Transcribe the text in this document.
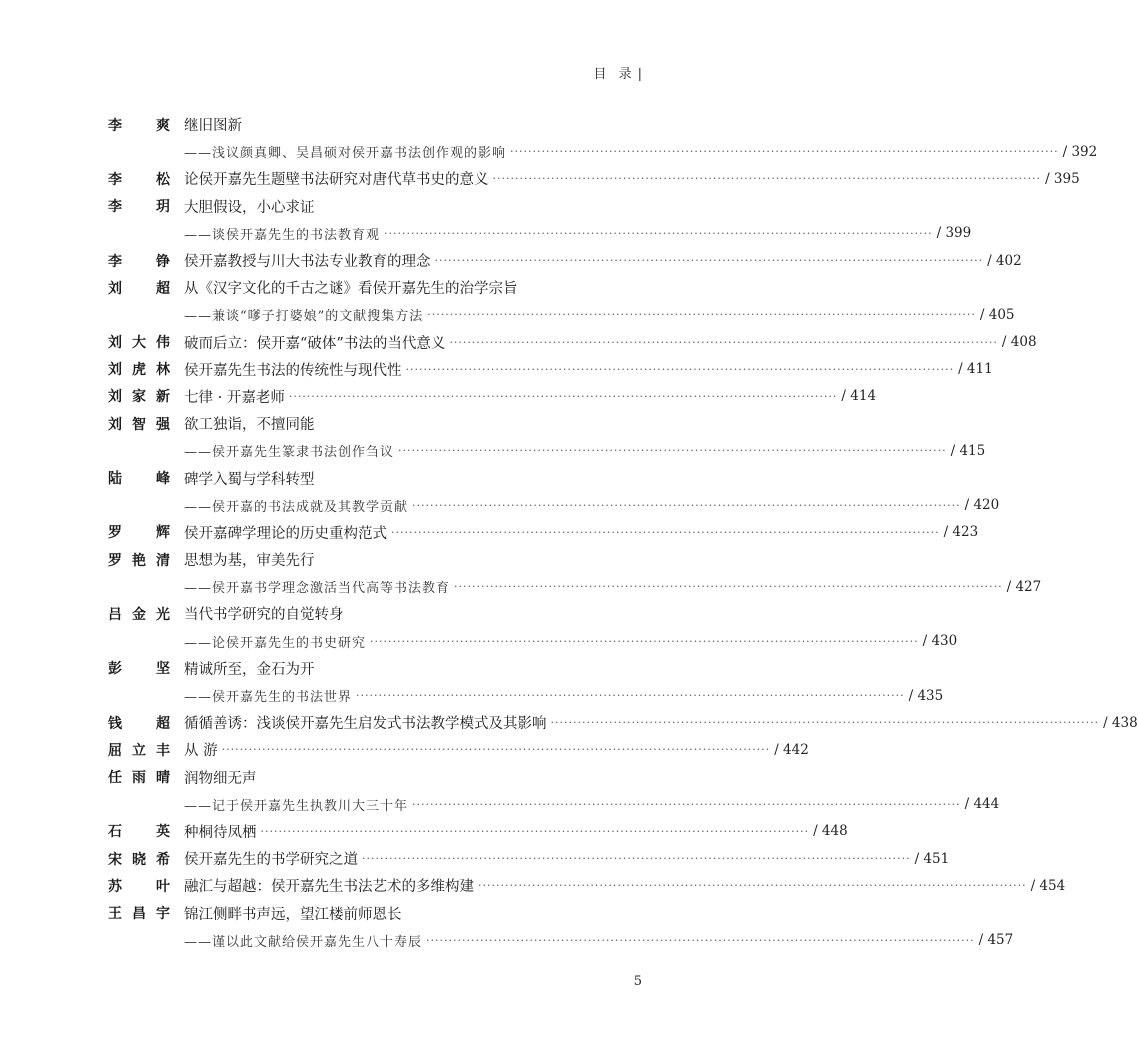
目 录 |
李 爽 继旧图新
——浅议颜真卿、吴昌硕对侯开嘉书法创作观的影响 ·····	/ 392
李 松 论侯开嘉先生题壁书法研究对唐代草书史的意义 ·····	/ 395
李 玥 大胆假设，小心求证
——谈侯开嘉先生的书法教育观 ·····	/ 399
李 铮 侯开嘉教授与川大书法专业教育的理念 ·····	/ 402
刘 超 从《汉字文化的千古之谜》看侯开嘉先生的治学宗旨
——兼谈“嗲子打婆娘”的文献搜集方法 ·····	/ 405
刘大伟 破而后立：侯开嘉“破体”书法的当代意义 ·····	/ 408
刘虎林 侯开嘉先生书法的传统性与现代性 ·····	/ 411
刘家新 七律 · 开嘉老师 ·····	/ 414
刘智强 欲工独诣，不擅同能
——侯开嘉先生篆隶书法创作刍议 ·····	/ 415
陆 峰 碑学入蜀与学科转型
——侯开嘉的书法成就及其教学贡献 ·····	/ 420
罗 辉 侯开嘉碑学理论的历史重构范式 ·····	/ 423
罗艳清 思想为基，审美先行
——侯开嘉书学理念激活当代高等书法教育 ·····	/ 427
吕金光 当代书学研究的自觉转身
——论侯开嘉先生的书史研究 ·····	/ 430
彭 坚 精诚所至，金石为开
——侯开嘉先生的书法世界 ·····	/ 435
钱 超 循循善诱：浅谈侯开嘉先生启发式书法教学模式及其影响 ·····	/ 438
屈立丰 从 游 ·····	/ 442
任雨晴 润物细无声
——记于侯开嘉先生执教川大三十年 ·····	/ 444
石 英 种桐待凤栖 ·····	/ 448
宋晓希 侯开嘉先生的书学研究之道 ·····	/ 451
苏 叶 融汇与超越：侯开嘉先生书法艺术的多维构建 ·····	/ 454
王昌宇 锦江侧畔书声远，望江楼前师恩长
——谨以此文献给侯开嘉先生八十寿辰 ·····	/ 457
5
